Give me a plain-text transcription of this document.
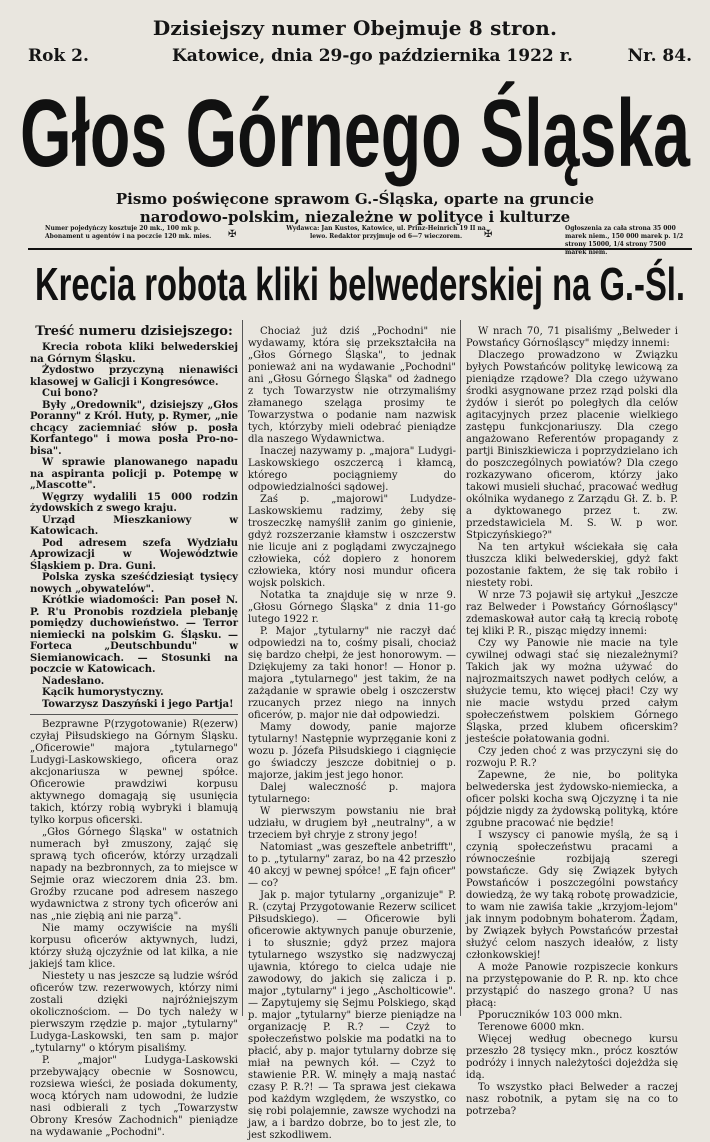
Dzisiejszy numer Obejmuje 8 stron.
Rok 2.	Katowice, dnia 29-go października 1922 r.	Nr. 84.
Głos Górnego Śląska
Pismo poświęcone sprawom G.-Śląska, oparte na gruncie
narodowo-polskim, niezależne w polityce i kulturze
Numer pojedyńczy kosztuje 20 mk., 100 mk p. Abonament u agentów i na poczcie 120 mk. mies.
Wydawca: Jan Kustos, Katowice, ul. Prinz-Heinrich 19 II na lewo. Redaktor przyjmuje od 6—7 wieczorem.
Ogłoszenia za cała strona 35 000 marek niem., 150 000 marek p. 1/2 strony 15000, 1/4 strony 7500 marek niem.
✠	✠
Krecia robota kliki belwederskiej na G.-Śl.
Treść numeru dzisiejszego:

Krecia robota kliki belwederskiej na Górnym Śląsku.

Żydostwo przyczyną nienawiści klasowej w Galicji i Kongresówce.

Cui bono?

Były „Oredownik", dzisiejszy „Głos Poranny" z Król. Huty, p. Rymer, „nie chcący zaciemniać słów p. posła Korfantego" i mowa posła Pro-no-bisa".

W sprawie planowanego napadu na aspiranta policji p. Potempę w „Mascotte".

Węgrzy wydalili 15 000 rodzin żydowskich z swego kraju.

Urząd Mieszkaniowy w Katowicach.

Pod adresem szefa Wydziału Aprowizacji w Województwie Śląskiem p. Dra. Guni.

Polska zyska sześćdziesiąt tysięcy nowych „obywatelów".

Krótkie wiadomości: Pan poseł N. P. R'u Pronobis rozdziela plebanję pomiędzy duchowieństwo. — Terror niemiecki na polskim G. Śląsku. — Forteca „Deutschbundu" w Siemianowicach. — Stosunki na poczcie w Katowicach.

Nadesłano.

Kącik humorystyczny.

Towarzysz Daszyński i jego Partja!

Bezprawne P(rzygotowanie) R(ezerw) czyłaj Piłsudskiego na Górnym Śląsku. „Oficerowie" majora „tytularnego" Ludygi-Laskowskiego, oficera oraz akcjonariusza w pewnej spółce. Oficerowie prawdziwi korpusu aktywnego domagają się usunięcia takich, którzy robią wybryki i blamują tylko korpus oficerski.

„Głos Górnego Śląska" w ostatnich numerach był zmuszony, zająć się sprawą tych oficerów, którzy urządzali napady na bezbronnych, za to miejsce w Sejmie oraz wieczorem dnia 23. bm. Groźby rzucane pod adresem naszego wydawnictwa z strony tych oficerów ani nas „nie ziębią ani nie parzą".

Nie mamy oczywiście na myśli korpusu oficerów aktywnych, ludzi, którzy służą ojczyźnie od lat kilka, a nie jakiejś tam klice.

Niestety u nas jeszcze są ludzie wśród oficerów tzw. rezerwowych, którzy nimi zostali dzięki najróżniejszym okolicznościom. — Do tych należy w pierwszym rzędzie p. major „tytularny" Ludyga-Laskowski, ten sam p. major „tytularny" o którym pisaliśmy.

P. „major" Ludyga-Laskowski przebywający obecnie w Sosnowcu, rozsiewa wieści, że posiada dokumenty, wocą których nam udowodni, że ludzie nasi odbierali z tych „Towarzystw Obrony Kresów Zachodnich" pieniądze na wydawanie „Pochodni".

Chociaż już dziś „Pochodni" nie wydawamy, która się przekształciła na „Głos Górnego Śląska", to jednak ponieważ ani na wydawanie „Pochodni" ani „Głosu Górnego Śląska" od żadnego z tych Towarzystw nie otrzymaliśmy złamanego szeląga prosimy te Towarzystwa o podanie nam nazwisk tych, którzyby mieli odebrać pieniądze dla naszego Wydawnictwa.

Inaczej nazywamy p. „majora" Ludygi-Laskowskiego oszczercą i kłamcą, którego pociągniemy do odpowiedzialności sądowej.

Zaś p. „majorowi" Ludydze-Laskowskiemu radzimy, żeby się troszeczkę namyślił zanim go ginienie, gdyż rozszerzanie kłamstw i oszczerstw nie licuje ani z poglądami zwyczajnego człowieka, cóż dopiero z honorem człowieka, który nosi mundur oficera wojsk polskich.

Notatka ta znajduje się w nrze 9. „Głosu Górnego Śląska" z dnia 11-go lutego 1922 r.

P. Major „tytularny" nie raczył dać odpowiedzi na to, cośmy pisali, chociaż się bardzo chełpi, że jest honorowym. — Dziękujemy za taki honor! — Honor p. majora „tytularnego" jest takim, że na zażądanie w sprawie obelg i oszczerstw rzucanych przez niego na innych oficerów, p. major nie dał odpowiedzi.

Mamy dowody, panie majorze tytularny! Następnie wyprzęganie koni z wozu p. Józefa Piłsudskiego i ciągnięcie go świadczy jeszcze dobitniej o p. majorze, jakim jest jego honor.

Dalej waleczność p. majora tytularnego:

W pierwszym powstaniu nie brał udziału, w drugiem był „neutralny", a w trzeciem był chryje z strony jego!

Natomiast „was geszeftele anbetrifft", to p. „tytularny" zaraz, bo na 42 przeszło 40 akcyj w pewnej spółce! „E fajn oficer" — co?

Jak p. major tytularny „organizuje" P. R. (czytaj Przygotowanie Rezerw scilicet Piłsudskiego). — Oficerowie byli oficerowie aktywnych panuje oburzenie, i to słusznie; gdyż przez majora tytularnego wszystko się nadzwyczaj ujawnia, którego to cielca udaje nie zawodowy, do jakich się zalicza i p. major „tytularny" i jego „Ascholticowie". — Zapytujemy się Sejmu Polskiego, skąd p. major „tytularny" bierze pieniądze na organizację P. R.? — Czyż to społeczeństwo polskie ma podatki na to płacić, aby p. major tytularny dobrze się miał na pewnych kół. — Czyż to stawienie P.R. W. minęły a mają nastać czasy P. R.?! — Ta sprawa jest ciekawa pod każdym względem, że wszystko, co się robi polajemnie, zawsze wychodzi na jaw, a i bardzo dobrze, bo to jest zle, to jest szkodliwem.

W nrach 70, 71 pisaliśmy „Belweder i Powstańcy Górnośląscy" między innemi:

Dlaczego prowadzono w Związku byłych Powstańców politykę lewicową za pieniądze rządowe? Dla czego używano środki asygnowane przez rząd polski dla żydów i sierót po poległych dla celów agitacyjnych przez placenie wielkiego zastępu funkcjonariuszy. Dla czego angażowano Referentów propagandy z partji Biniszkiewicza i poprzydzielano ich do poszczególnych powiatów? Dla czego rozkazywano oficerom, którzy jako takowi musieli słuchać, pracować według okólnika wydanego z Zarządu Gł. Z. b. P. a dyktowanego przez t. zw. przedstawiciela M. S. W. p wor. Stpiczyńskiego?"

Na ten artykuł wściekała się cała tłuszcza kliki belwederskiej, gdyż fakt pozostanie faktem, że się tak robiło i niestety robi.

W nrze 73 pojawił się artykuł „Jeszcze raz Belweder i Powstańcy Górnośląscy" zdemaskował autor całą tą krecią robotę tej kliki P. R., pisząc między innemi:

Czy wy Panowie nie macie na tyle cywilnej odwagi stać się niezależnymi? Takich jak wy można używać do najrozmaitszych nawet podłych celów, a służycie temu, kto więcej płaci! Czy wy nie macie wstydu przed całym społeczeństwem polskiem Górnego Śląska, przed klubem oficerskim? jesteście połatowania godni.

Czy jeden choć z was przyczyni się do rozwoju P. R.?

Zapewne, że nie, bo polityka belwederska jest żydowsko-niemiecka, a oficer polski kocha swą Ojczyznę i ta nie pójdzie nigdy za żydowską polityką, które zgubne pracować nie będzie!

I wszyscy ci panowie myślą, że są i czynią społeczeństwu pracami a równocześnie rozbijają szeregi powstańcze. Gdy się Związek byłych Powstańców i poszczególni powstańcy dowiedzą, że wy taką robotę prowadzicie, to wam nie zawiśa takie „krzyjom-lejom" jak innym podobnym bohaterom. Żądam, by Związek byłych Powstańców przestał służyć celom naszych ideałów, z listy członkowskiej!

A może Panowie rozpiszecie konkurs na przystępowanie do P. R. np. kto chce przystąpić do naszego grona? U nas płacą:

Pporuczników 103 000 mkn.

Terenowe 6000 mkn.

Więcej według obecnego kursu przeszło 28 tysięcy mkn., prócz kosztów podróży i innych należytości dojeżdża się idą.

To wszystko płaci Belweder a raczej nasz robotnik, a pytam się na co to potrzeba?
